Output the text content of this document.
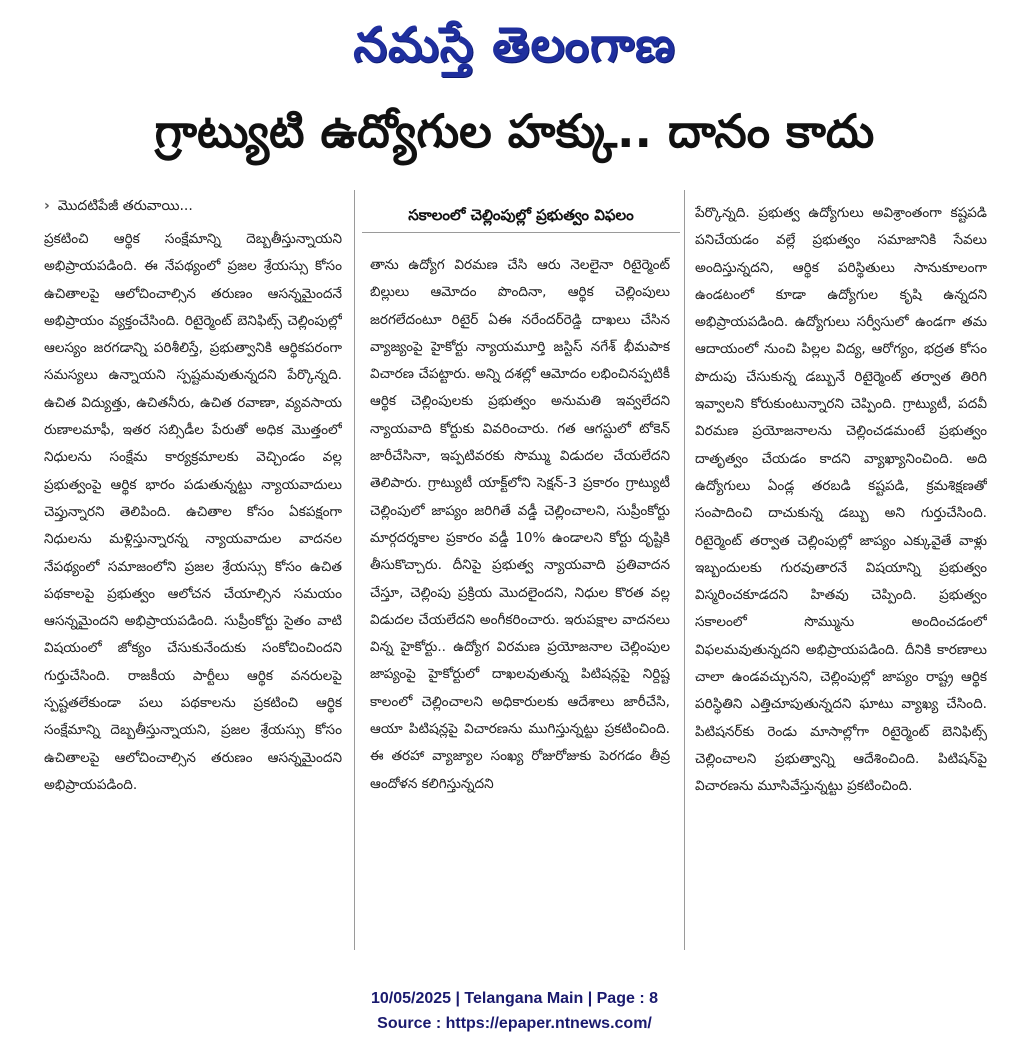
నమస్తే తెలంగాణ
గ్రాట్యుటి ఉద్యోగుల హక్కు.. దానం కాదు
› మొదటిపేజీ తరువాయి...

ప్రకటించి ఆర్థిక సంక్షేమాన్ని దెబ్బతీస్తున్నాయని అభిప్రాయపడింది. ఈ నేపథ్యంలో ప్రజల శ్రేయస్సు కోసం ఉచితాలపై ఆలోచించాల్సిన తరుణం ఆసన్నమైందనే అభిప్రాయం వ్యక్తంచేసింది. రిటైర్మెంట్ బెనిఫిట్స్ చెల్లింపుల్లో ఆలస్యం జరగడాన్ని పరిశీలిస్తే, ప్రభుత్వానికి ఆర్థికపరంగా సమస్యలు ఉన్నాయని స్పష్టమవుతున్నదని పేర్కొన్నది. ఉచిత విద్యుత్తు, ఉచితనీరు, ఉచిత రవాణా, వ్యవసాయ రుణాలమాఫీ, ఇతర సబ్సిడీల పేరుతో అధిక మొత్తంలో నిధులను సంక్షేమ కార్యక్రమాలకు వెచ్చిండం వల్ల ప్రభుత్వంపై ఆర్థిక భారం పడుతున్నట్టు న్యాయవాదులు చెప్తున్నారని తెలిపింది. ఉచితాల కోసం ఏకపక్షంగా నిధులను మళ్లిస్తున్నారన్న న్యాయవాదుల వాదనల నేపథ్యంలో సమాజంలోని ప్రజల శ్రేయస్సు కోసం ఉచిత పథకాలపై ప్రభుత్వం ఆలోచన చేయాల్సిన సమయం ఆసన్నమైందని అభిప్రాయపడింది. సుప్రీంకోర్టు సైతం వాటి విషయంలో జోక్యం చేసుకునేందుకు సంకోచించిందని గుర్తుచేసింది. రాజకీయ పార్టీలు ఆర్థిక వనరులపై స్పష్టతలేకుండా పలు పథకాలను ప్రకటించి ఆర్థిక సంక్షేమాన్ని దెబ్బతీస్తున్నాయని, ప్రజల శ్రేయస్సు కోసం ఉచితాలపై ఆలోచించాల్సిన తరుణం ఆసన్నమైందని అభిప్రాయపడింది.

సకాలంలో చెల్లింపుల్లో ప్రభుత్వం విఫలం

తాను ఉద్యోగ విరమణ చేసి ఆరు నెలలైనా రిటైర్మెంట్ బిల్లులు ఆమోదం పొందినా, ఆర్థిక చెల్లింపులు జరగలేదంటూ రిటైర్ ఏఈ నరేందర్‌రెడ్డి దాఖలు చేసిన వ్యాజ్యంపై హైకోర్టు న్యాయమూర్తి జస్టిస్ నగేశ్ భీమపాక విచారణ చేపట్టారు. అన్ని దశల్లో ఆమోదం లభించినప్పటికీ ఆర్థిక చెల్లింపులకు ప్రభుత్వం అనుమతి ఇవ్వలేదని న్యాయవాది కోర్టుకు వివరించారు. గత ఆగస్టులో టోకెన్ జారీచేసినా, ఇప్పటివరకు సొమ్ము విడుదల చేయలేదని తెలిపారు. గ్రాట్యుటీ యాక్ట్‌లోని సెక్షన్-3 ప్రకారం గ్రాట్యుటీ చెల్లింపులో జాప్యం జరిగితే వడ్డీ చెల్లించాలని, సుప్రీంకోర్టు మార్గదర్శకాల ప్రకారం వడ్డీ 10% ఉండాలని కోర్టు దృష్టికి తీసుకొచ్చారు. దీనిపై ప్రభుత్వ న్యాయవాది ప్రతివాదన చేస్తూ, చెల్లింపు ప్రక్రియ మొదలైందని, నిధుల కొరత వల్ల విడుదల చేయలేదని అంగీకరించారు. ఇరుపక్షాల వాదనలు విన్న హైకోర్టు.. ఉద్యోగ విరమణ ప్రయోజనాల చెల్లింపుల జాప్యంపై హైకోర్టులో దాఖలవుతున్న పిటిషన్లపై నిర్దిష్ట కాలంలో చెల్లించాలని అధికారులకు ఆదేశాలు జారీచేసి, ఆయా పిటిషన్లపై విచారణను ముగిస్తున్నట్టు ప్రకటించింది. ఈ తరహా వ్యాజ్యాల సంఖ్య రోజురోజుకు పెరగడం తీవ్ర ఆందోళన కలిగిస్తున్నదని

పేర్కొన్నది. ప్రభుత్వ ఉద్యోగులు అవిశ్రాంతంగా కష్టపడి పనిచేయడం వల్లే ప్రభుత్వం సమాజానికి సేవలు అందిస్తున్నదని, ఆర్థిక పరిస్థితులు సానుకూలంగా ఉండటంలో కూడా ఉద్యోగుల కృషి ఉన్నదని అభిప్రాయపడింది. ఉద్యోగులు సర్వీసులో ఉండగా తమ ఆదాయంలో నుంచి పిల్లల విద్య, ఆరోగ్యం, భద్రత కోసం పొదుపు చేసుకున్న డబ్బునే రిటైర్మెంట్ తర్వాత తిరిగి ఇవ్వాలని కోరుకుంటున్నారని చెప్పింది. గ్రాట్యుటీ, పదవీ విరమణ ప్రయోజనాలను చెల్లించడమంటే ప్రభుత్వం దాతృత్వం చేయడం కాదని వ్యాఖ్యానించింది. అది ఉద్యోగులు ఏండ్ల తరబడి కష్టపడి, క్రమశిక్షణతో సంపాదించి దాచుకున్న డబ్బు అని గుర్తుచేసింది. రిటైర్మెంట్ తర్వాత చెల్లింపుల్లో జాప్యం ఎక్కువైతే వాళ్లు ఇబ్బందులకు గురవుతారనే విషయాన్ని ప్రభుత్వం విస్మరించకూడదని హితవు చెప్పింది. ప్రభుత్వం సకాలంలో సొమ్మును అందించడంలో విఫలమవుతున్నదని అభిప్రాయపడింది. దీనికి కారణాలు చాలా ఉండవచ్చునని, చెల్లింపుల్లో జాప్యం రాష్ట్ర ఆర్థిక పరిస్థితిని ఎత్తిచూపుతున్నదని ఘాటు వ్యాఖ్య చేసింది. పిటిషనర్‌కు రెండు మాసాల్లోగా రిటైర్మెంట్ బెనిఫిట్స్ చెల్లించాలని ప్రభుత్వాన్ని ఆదేశించింది. పిటిషన్‌పై విచారణను మూసివేస్తున్నట్టు ప్రకటించింది.

10/05/2025 | Telangana Main | Page : 8
Source : https://epaper.ntnews.com/
